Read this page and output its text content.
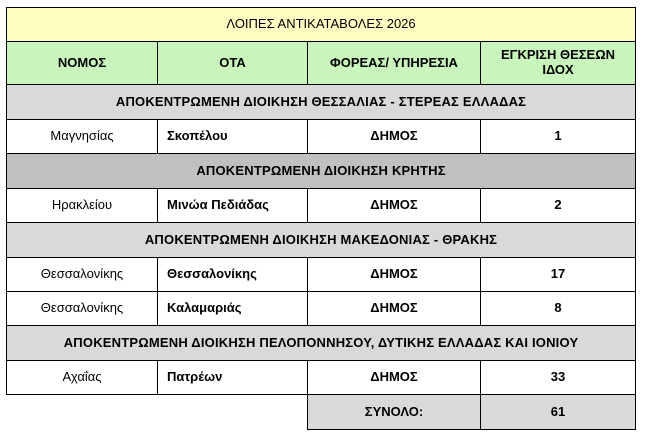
ΛΟΙΠΕΣ ΑΝΤΙΚΑΤΑΒΟΛΕΣ 2026			
ΝΟΜΟΣ	ΟΤΑ	ΦΟΡΕΑΣ/ ΥΠΗΡΕΣΙΑ	ΕΓΚΡΙΣΗ ΘΕΣΕΩΝ
ΙΔΟΧ

ΑΠΟΚΕΝΤΡΩΜΕΝΗ ΔΙΟΙΚΗΣΗ ΘΕΣΣΑΛΙΑΣ - ΣΤΕΡΕΑΣ ΕΛΛΑΔΑΣ			
Μαγνησίας	Σκοπέλου	ΔΗΜΟΣ	1
ΑΠΟΚΕΝΤΡΩΜΕΝΗ ΔΙΟΙΚΗΣΗ ΚΡΗΤΗΣ			
Ηρακλείου	Μινώα Πεδιάδας	ΔΗΜΟΣ	2
ΑΠΟΚΕΝΤΡΩΜΕΝΗ ΔΙΟΙΚΗΣΗ ΜΑΚΕΔΟΝΙΑΣ - ΘΡΑΚΗΣ			
Θεσσαλονίκης	Θεσσαλονίκης	ΔΗΜΟΣ	17
Θεσσαλονίκης	Καλαμαριάς	ΔΗΜΟΣ	8
ΑΠΟΚΕΝΤΡΩΜΕΝΗ ΔΙΟΙΚΗΣΗ ΠΕΛΟΠΟΝΝΗΣΟΥ, ΔΥΤΙΚΗΣ ΕΛΛΑΔΑΣ ΚΑΙ ΙΟΝΙΟΥ			
Αχαΐας	Πατρέων	ΔΗΜΟΣ	33
		ΣΥΝΟΛΟ:	61
